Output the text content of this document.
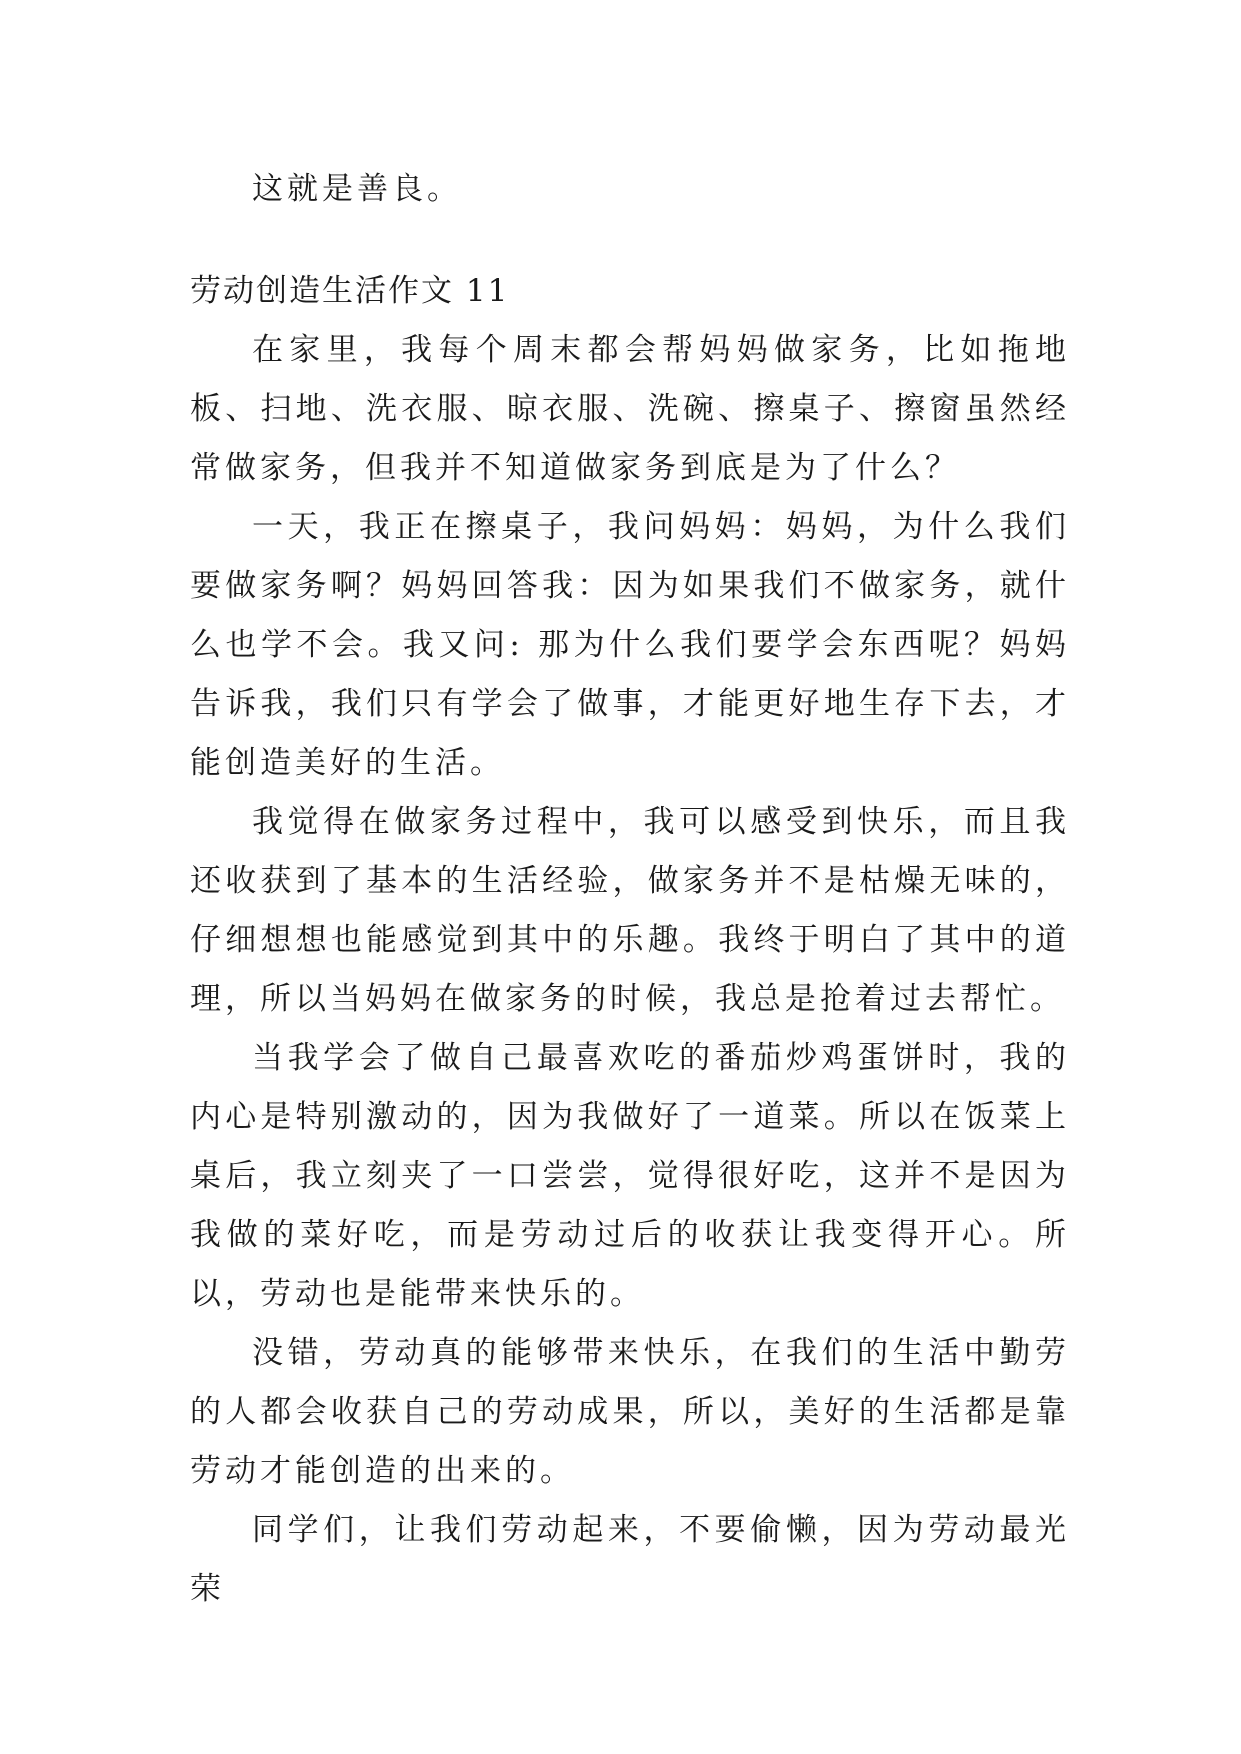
这就是善良。

劳动创造生活作文 11

在家里，我每个周末都会帮妈妈做家务，比如拖地板、扫地、洗衣服、晾衣服、洗碗、擦桌子、擦窗虽然经常做家务，但我并不知道做家务到底是为了什么？

一天，我正在擦桌子，我问妈妈：妈妈，为什么我们要做家务啊？妈妈回答我：因为如果我们不做家务，就什么也学不会。我又问: 那为什么我们要学会东西呢？妈妈告诉我，我们只有学会了做事，才能更好地生存下去，才能创造美好的生活。

我觉得在做家务过程中，我可以感受到快乐，而且我还收获到了基本的生活经验，做家务并不是枯燥无味的，仔细想想也能感觉到其中的乐趣。我终于明白了其中的道理，所以当妈妈在做家务的时候，我总是抢着过去帮忙。

当我学会了做自己最喜欢吃的番茄炒鸡蛋饼时，我的内心是特别激动的，因为我做好了一道菜。所以在饭菜上桌后，我立刻夹了一口尝尝，觉得很好吃，这并不是因为我做的菜好吃，而是劳动过后的收获让我变得开心。所以，劳动也是能带来快乐的。

没错，劳动真的能够带来快乐，在我们的生活中勤劳的人都会收获自己的劳动成果，所以，美好的生活都是靠劳动才能创造的出来的。

同学们，让我们劳动起来，不要偷懒，因为劳动最光荣
